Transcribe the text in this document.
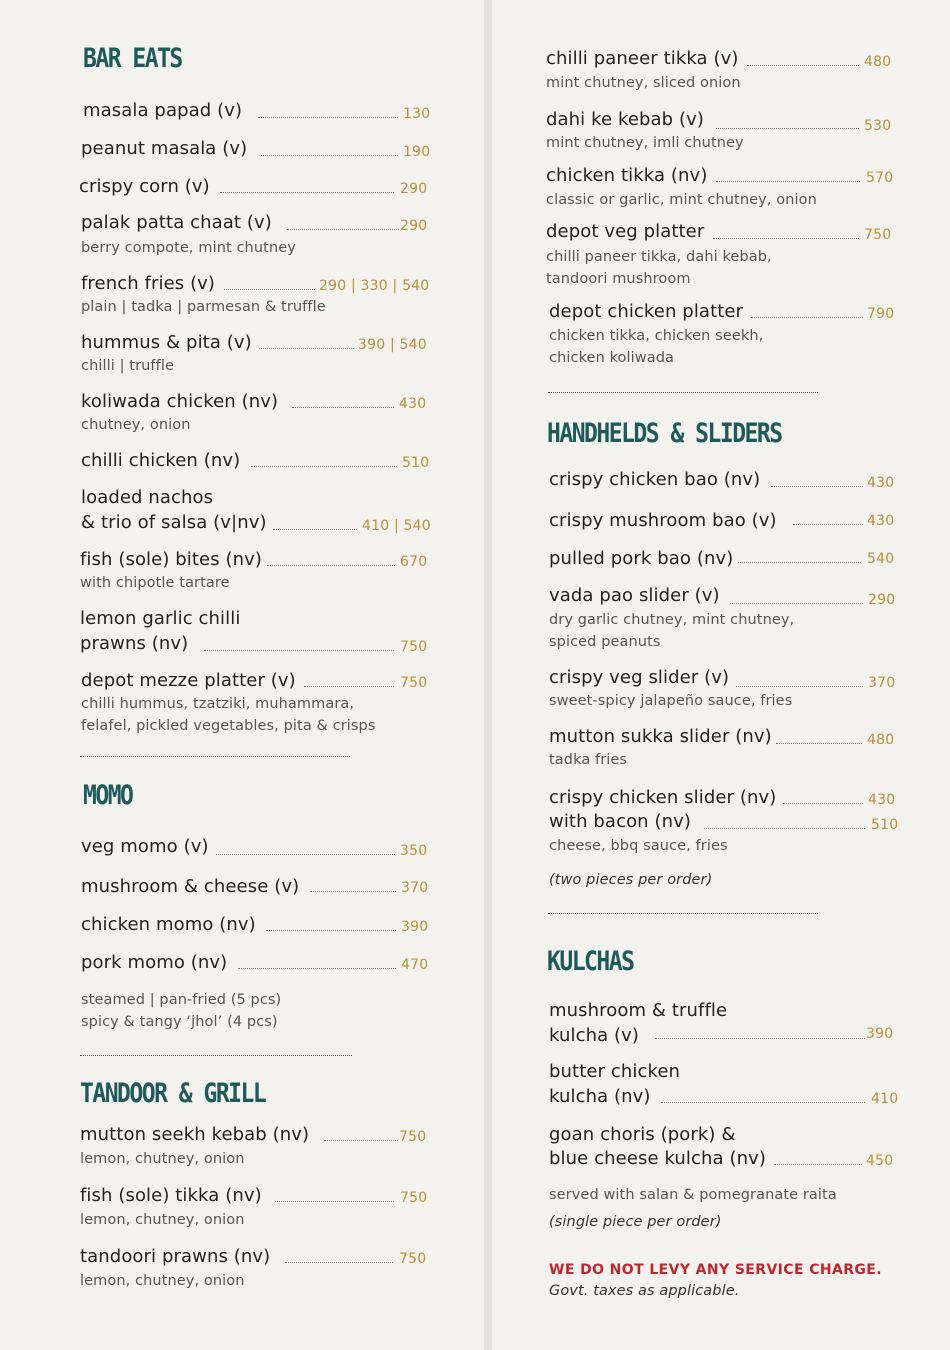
BAR EATS
masala papad (v)	130
peanut masala (v)	190
crispy corn (v)	290
palak patta chaat (v)	290
berry compote, mint chutney
french fries (v)	290 | 330 | 540
plain | tadka | parmesan & truffle
hummus & pita (v)	390 | 540
chilli | truffle
koliwada chicken (nv)	430
chutney, onion
chilli chicken (nv)	510
loaded nachos
& trio of salsa (v|nv)	410 | 540
fish (sole) bites (nv)	670
with chipotle tartare
lemon garlic chilli
prawns (nv)	750
depot mezze platter (v)	750
chilli hummus, tzatziki, muhammara,
felafel, pickled vegetables, pita & crisps
MOMO
veg momo (v)	350
mushroom & cheese (v)	370
chicken momo (nv)	390
pork momo (nv)	470
steamed | pan-fried (5 pcs)
spicy & tangy ‘jhol’ (4 pcs)
TANDOOR & GRILL
mutton seekh kebab (nv)	750
lemon, chutney, onion
fish (sole) tikka (nv)	750
lemon, chutney, onion
tandoori prawns (nv)	750
lemon, chutney, onion
chilli paneer tikka (v)	480
mint chutney, sliced onion
dahi ke kebab (v)	530
mint chutney, imli chutney
chicken tikka (nv)	570
classic or garlic, mint chutney, onion
depot veg platter	750
chilli paneer tikka, dahi kebab,
tandoori mushroom
depot chicken platter	790
chicken tikka, chicken seekh,
chicken koliwada
HANDHELDS & SLIDERS
crispy chicken bao (nv)	430
crispy mushroom bao (v)	430
pulled pork bao (nv)	540
vada pao slider (v)	290
dry garlic chutney, mint chutney,
spiced peanuts
crispy veg slider (v)	370
sweet-spicy jalapeño sauce, fries
mutton sukka slider (nv)	480
tadka fries
crispy chicken slider (nv)	430
with bacon (nv)	510
cheese, bbq sauce, fries
(two pieces per order)
KULCHAS
mushroom & truffle
kulcha (v)	390
butter chicken
kulcha (nv)	410
goan choris (pork) &
blue cheese kulcha (nv)	450
served with salan & pomegranate raita
(single piece per order)
WE DO NOT LEVY ANY SERVICE CHARGE.
Govt. taxes as applicable.
